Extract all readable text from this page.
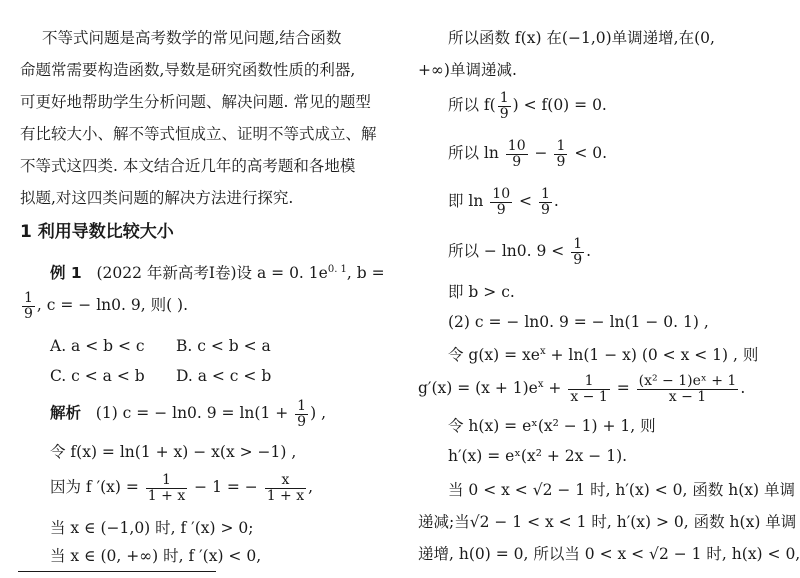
不等式问题是高考数学的常见问题,结合函数
命题常需要构造函数,导数是研究函数性质的利器,
可更好地帮助学生分析问题、解决问题. 常见的题型
有比较大小、解不等式恒成立、证明不等式成立、解
不等式这四类. 本文结合近几年的高考题和各地模
拟题,对这四类问题的解决方法进行探究.
1 利用导数比较大小
例 1 (2022 年新高考Ⅰ卷)设 a = 0. $1e^{0. 1}$, b =
$\frac{1}{9}$ , c = − ln0. 9, 则( ).
A. a < b < c B. c < b < a
C. c < a < b D. a < c < b
解析 (1) c = − ln0. $9 = \ln(1 + \frac{1}{9}$ ) ,
令 f(x) = ln(1 + x) − x(x > −1) ,
因为 f $'(x) = \frac{1}{1 + x} - 1$ = − $\frac{x}{1 + x}$ ,
当 x ∈ (−1,0) 时, f ′(x) > 0;
当 x ∈ (0, +∞) 时, f ′(x) < 0,
所以函数 f(x) 在(−1,0)单调递增,在(0,
+∞)单调递减.
所以 $f( \frac{1}{9}$ ) < f(0) = 0.
所以 $\ln \frac{10}{9} - \frac{1}{9} < 0$.
即 $\ln \frac{10}{9} < \frac{1}{9}$ .
所以 − ln0. $9 < \frac{1}{9}$ .
即 b > c.
(2) c = − ln0. 9 = − ln(1 − 0. 1) ,
令 $g(x) = xe^x + \ln(1 - x) (0 < x < 1)$ , 则
$g'(x) = (x + 1)e^x + \frac{1}{x - 1} = \frac{\text{(x² − 1)eˣ + 1}}{x - 1}$ .
令 h(x) = eˣ(x² − 1) + 1, 则
h′(x) = eˣ(x² + 2x − 1).
当 0 < x < √2 − 1 时, h′(x) < 0, 函数 h(x) 单调
递减;当√2 − 1 < x < 1 时, h′(x) > 0, 函数 h(x) 单调
递增, h(0) = 0, 所以当 0 < x < √2 − 1 时, h(x) < 0,
